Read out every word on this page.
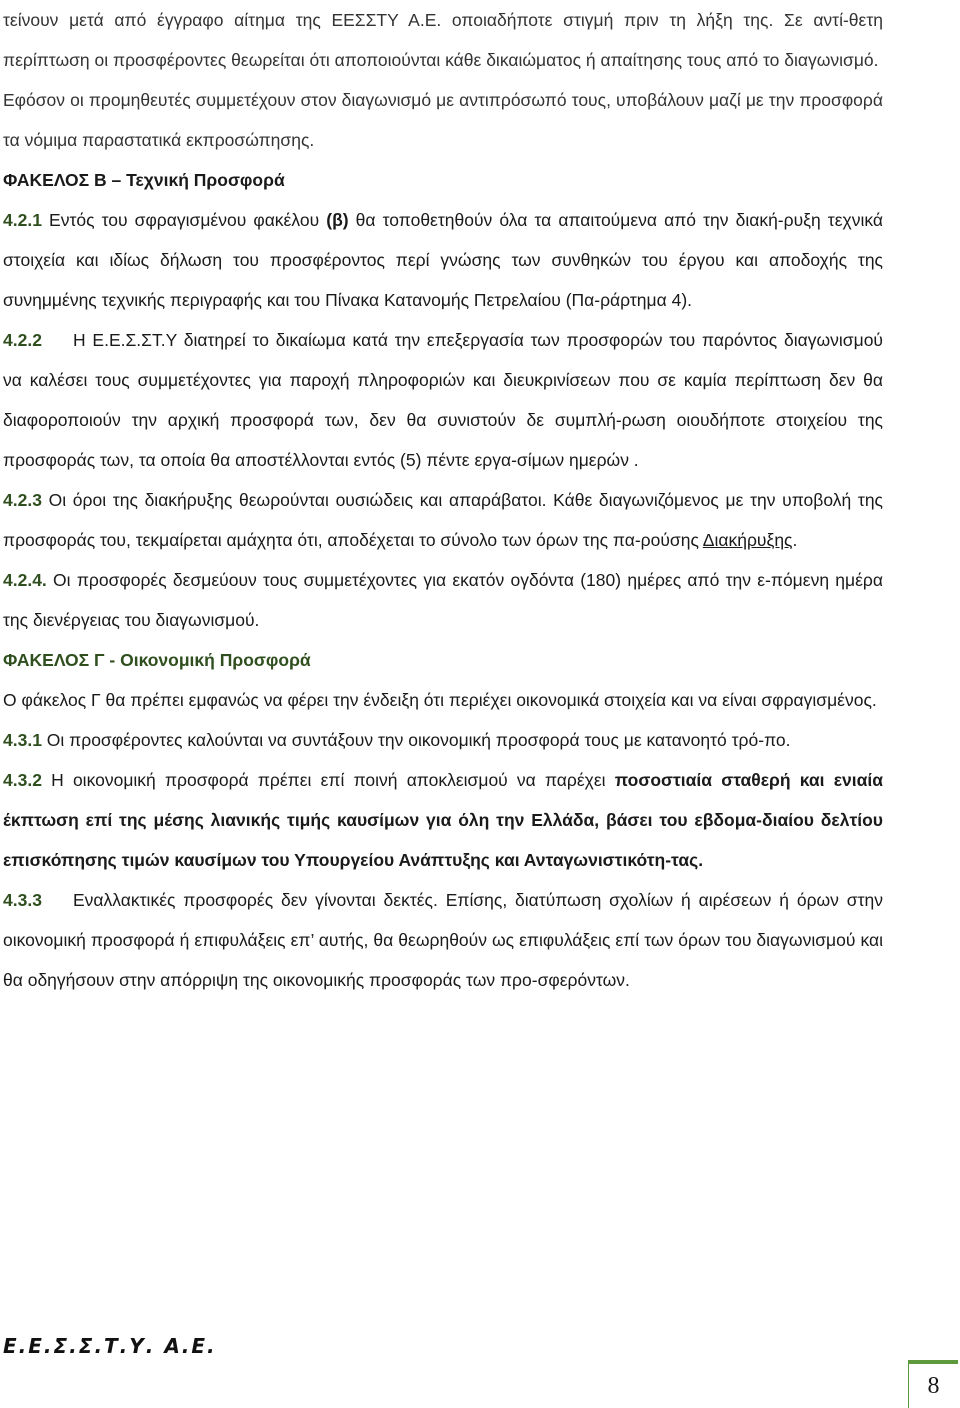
τείνουν μετά από έγγραφο αίτημα της ΕΕΣΣΤΥ Α.Ε. οποιαδήποτε στιγμή πριν τη λήξη της. Σε αντί-θετη περίπτωση οι προσφέροντες θεωρείται ότι αποποιούνται κάθε δικαιώματος ή απαίτησης τους από το διαγωνισμό.

Εφόσον οι προμηθευτές συμμετέχουν στον διαγωνισμό με αντιπρόσωπό τους, υποβάλουν μαζί με την προσφορά τα νόμιμα παραστατικά εκπροσώπησης.

ΦΑΚΕΛΟΣ Β – Τεχνική Προσφορά

4.2.1 Εντός του σφραγισμένου φακέλου (β) θα τοποθετηθούν όλα τα απαιτούμενα από την διακή-ρυξη τεχνικά στοιχεία και ιδίως δήλωση του προσφέροντος περί γνώσης των συνθηκών του έργου και αποδοχής της συνημμένης τεχνικής περιγραφής και του Πίνακα Κατανομής Πετρελαίου (Πα-ράρτημα 4).

4.2.2 Η Ε.Ε.Σ.ΣΤ.Υ διατηρεί το δικαίωμα κατά την επεξεργασία των προσφορών του παρόντος διαγωνισμού να καλέσει τους συμμετέχοντες για παροχή πληροφοριών και διευκρινίσεων που σε καμία περίπτωση δεν θα διαφοροποιούν την αρχική προσφορά των, δεν θα συνιστούν δε συμπλή-ρωση οιουδήποτε στοιχείου της προσφοράς των, τα οποία θα αποστέλλονται εντός (5) πέντε εργα-σίμων ημερών .

4.2.3 Οι όροι της διακήρυξης θεωρούνται ουσιώδεις και απαράβατοι. Κάθε διαγωνιζόμενος με την υποβολή της προσφοράς του, τεκμαίρεται αμάχητα ότι, αποδέχεται το σύνολο των όρων της πα-ρούσης Διακήρυξης.

4.2.4. Οι προσφορές δεσμεύουν τους συμμετέχοντες για εκατόν ογδόντα (180) ημέρες από την ε-πόμενη ημέρα της διενέργειας του διαγωνισμού.

ΦΑΚΕΛΟΣ Γ - Οικονομική Προσφορά

Ο φάκελος Γ θα πρέπει εμφανώς να φέρει την ένδειξη ότι περιέχει οικονομικά στοιχεία και να είναι σφραγισμένος.

4.3.1 Οι προσφέροντες καλούνται να συντάξουν την οικονομική προσφορά τους με κατανοητό τρό-πο.

4.3.2 Η οικονομική προσφορά πρέπει επί ποινή αποκλεισμού να παρέχει ποσοστιαία σταθερή και ενιαία έκπτωση επί της μέσης λιανικής τιμής καυσίμων για όλη την Ελλάδα, βάσει του εβδομα-διαίου δελτίου επισκόπησης τιμών καυσίμων του Υπουργείου Ανάπτυξης και Ανταγωνιστικότη-τας.

4.3.3 Εναλλακτικές προσφορές δεν γίνονται δεκτές. Επίσης, διατύπωση σχολίων ή αιρέσεων ή όρων στην οικονομική προσφορά ή επιφυλάξεις επ’ αυτής, θα θεωρηθούν ως επιφυλάξεις επί των όρων του διαγωνισμού και θα οδηγήσουν στην απόρριψη της οικονομικής προσφοράς των προ-σφερόντων.

Ε.Ε.Σ.Σ.Τ.Υ. Α.Ε.
8
